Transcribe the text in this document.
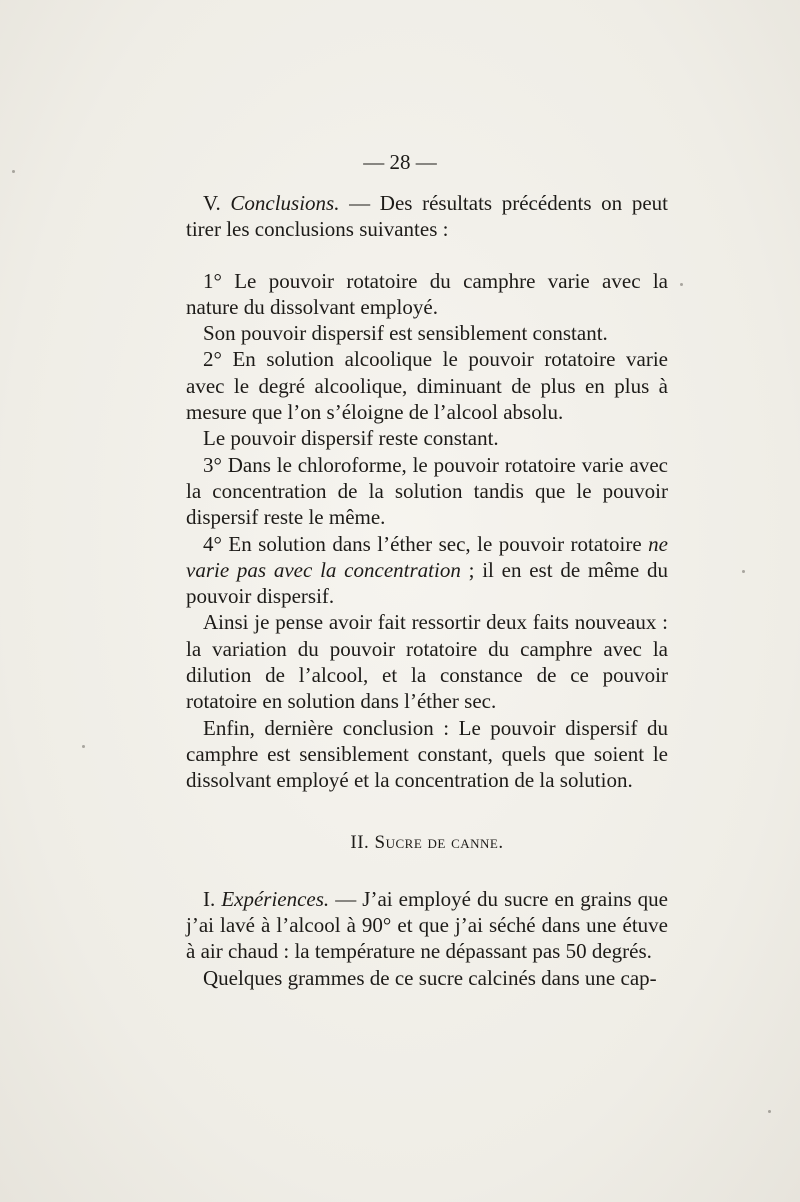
— 28 —

V. Conclusions. — Des résultats précédents on peut tirer les conclusions suivantes :

1° Le pouvoir rotatoire du camphre varie avec la nature du dissolvant employé.

Son pouvoir dispersif est sensiblement constant.

2° En solution alcoolique le pouvoir rotatoire varie avec le degré alcoolique, diminuant de plus en plus à mesure que l’on s’éloigne de l’alcool absolu.

Le pouvoir dispersif reste constant.

3° Dans le chloroforme, le pouvoir rotatoire varie avec la concentration de la solution tandis que le pouvoir dispersif reste le même.

4° En solution dans l’éther sec, le pouvoir rotatoire ne varie pas avec la concentration ; il en est de même du pouvoir dispersif.

Ainsi je pense avoir fait ressortir deux faits nouveaux : la variation du pouvoir rotatoire du camphre avec la dilution de l’alcool, et la constance de ce pouvoir rotatoire en solution dans l’éther sec.

Enfin, dernière conclusion : Le pouvoir dispersif du camphre est sensiblement constant, quels que soient le dissolvant employé et la concentration de la solution.

II. Sucre de canne.

I. Expériences. — J’ai employé du sucre en grains que j’ai lavé à l’alcool à 90° et que j’ai séché dans une étuve à air chaud : la température ne dépassant pas 50 degrés.

Quelques grammes de ce sucre calcinés dans une cap-
